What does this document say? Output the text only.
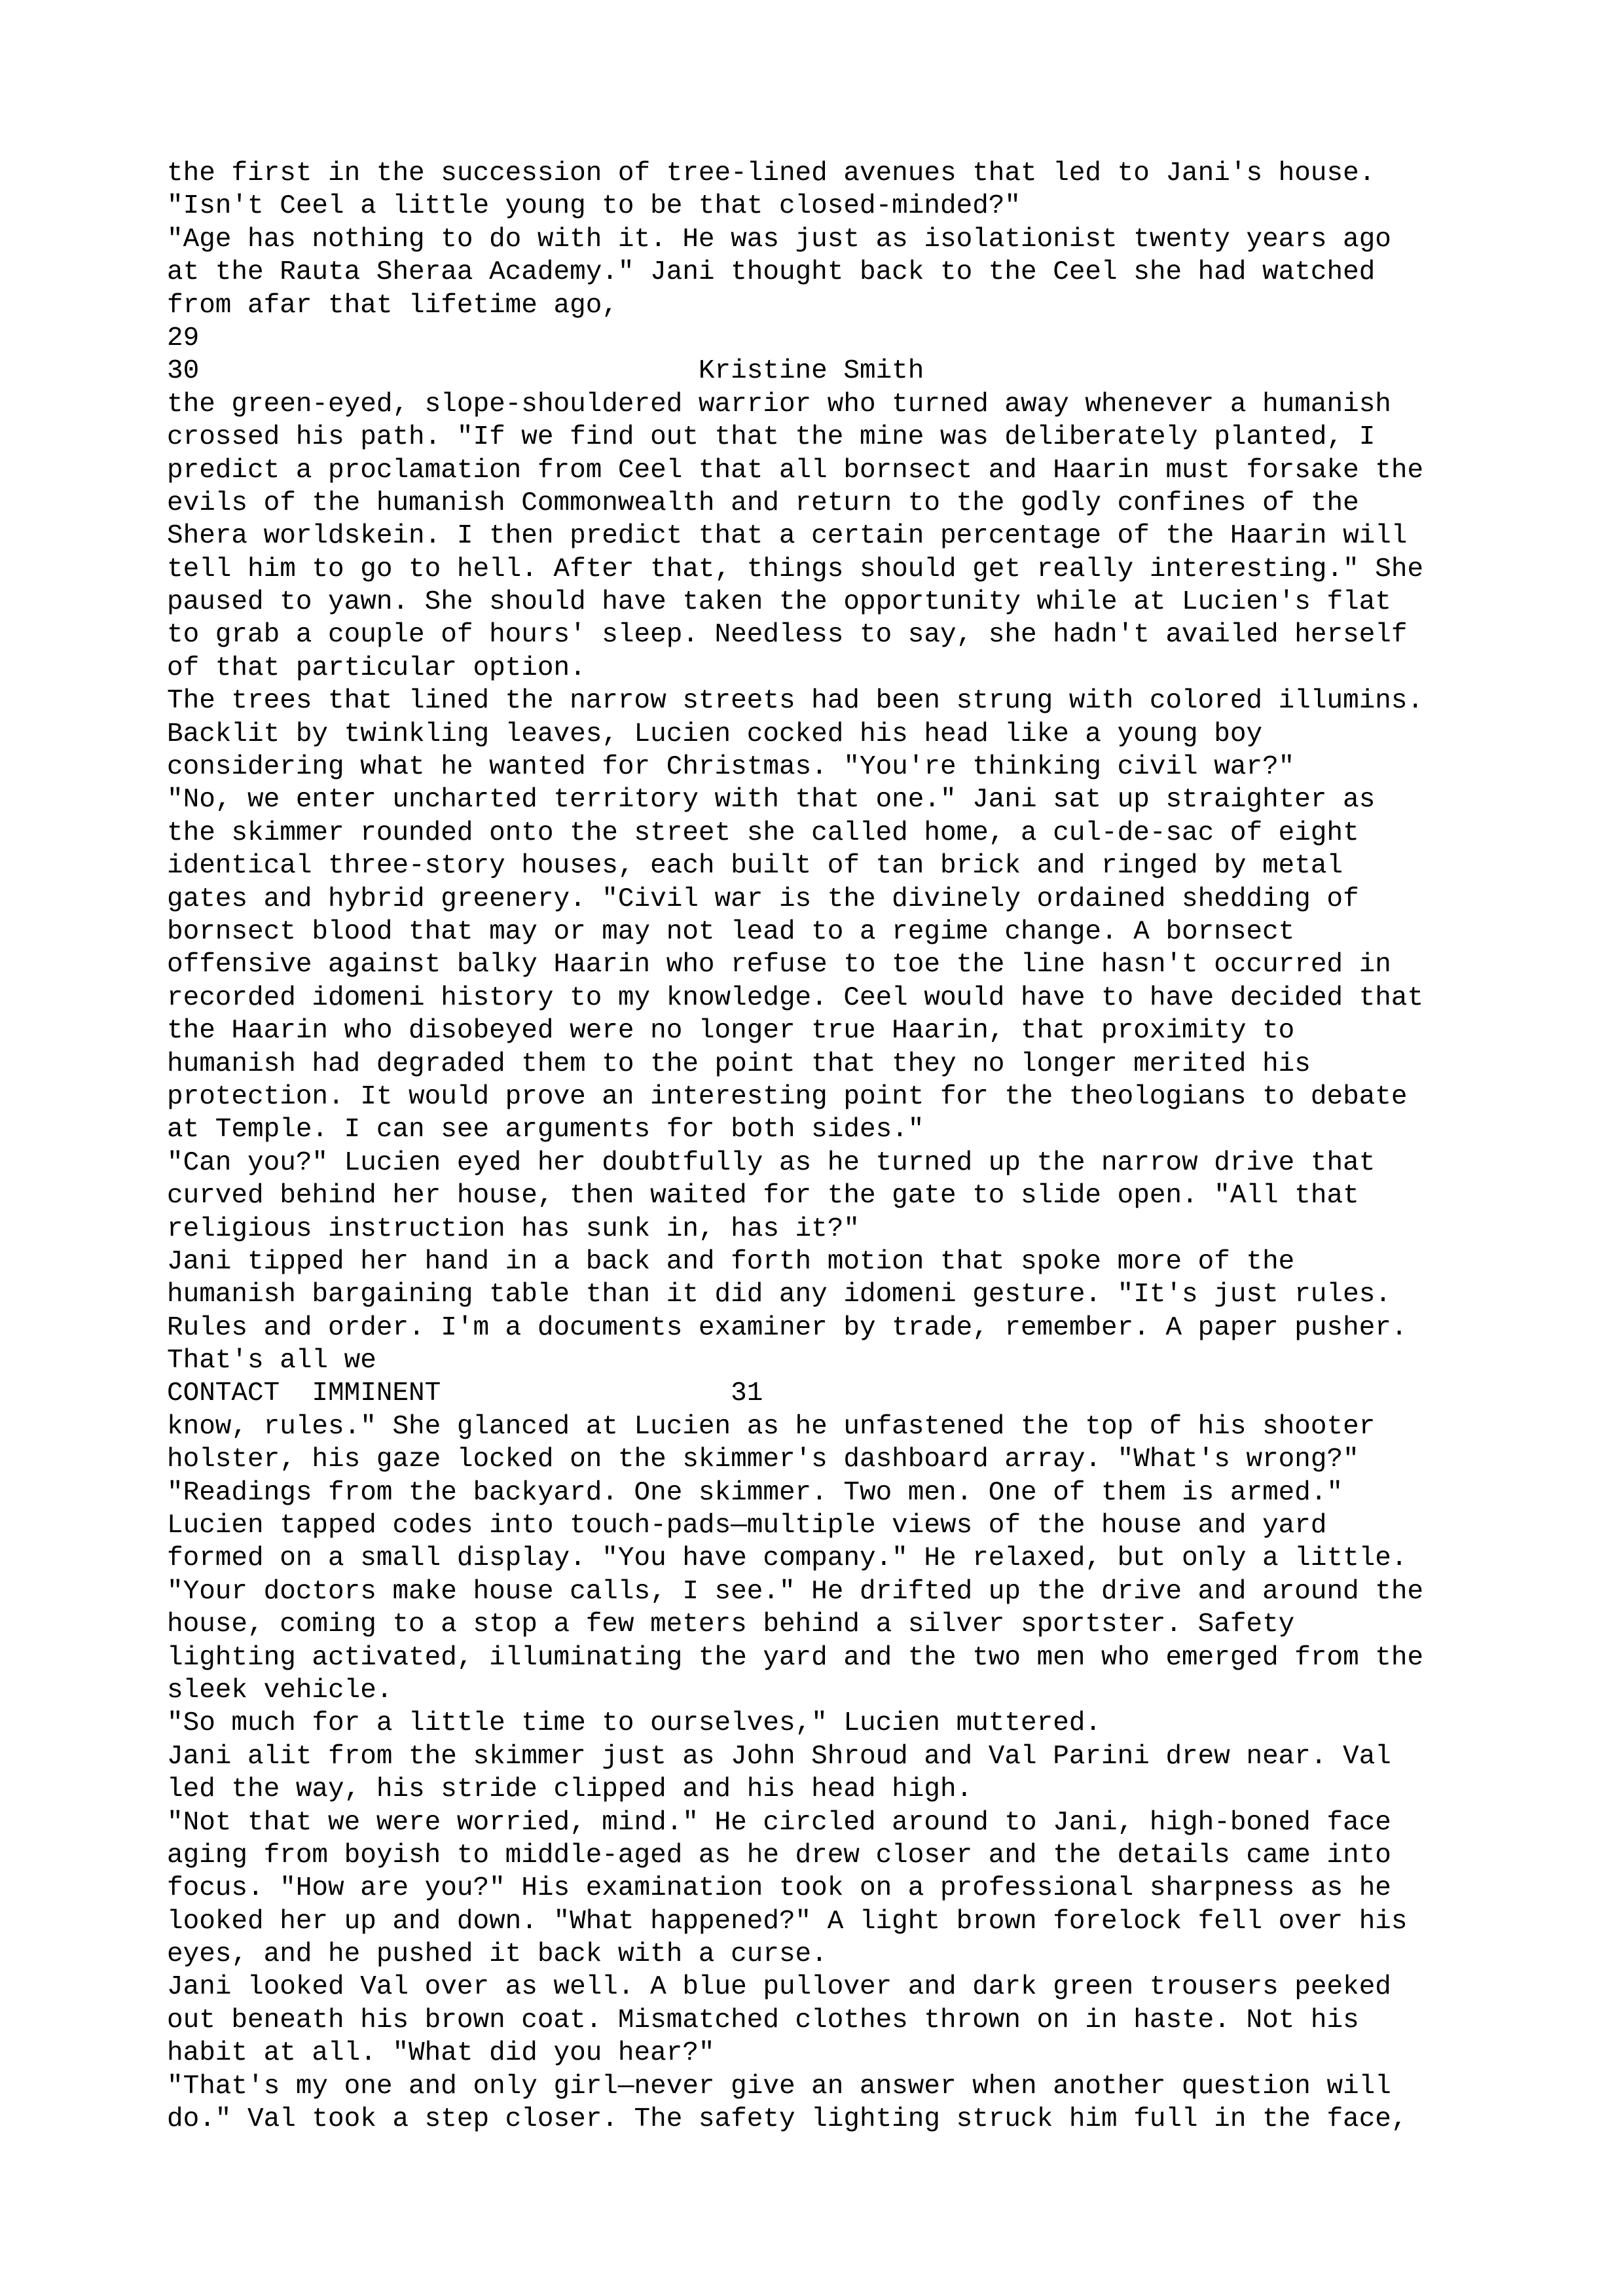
the first in the succession of tree-lined avenues that led to Jani's house.
"Isn't Ceel a little young to be that closed-minded?"
"Age has nothing to do with it. He was just as isolationist twenty years ago
at the Rauta Sheraa Academy." Jani thought back to the Ceel she had watched
from afar that lifetime ago,
29
30                               Kristine Smith
the green-eyed, slope-shouldered warrior who turned away whenever a humanish
crossed his path. "If we find out that the mine was deliberately planted, I
predict a proclamation from Ceel that all bornsect and Haarin must forsake the
evils of the humanish Commonwealth and return to the godly confines of the
Shera worldskein. I then predict that a certain percentage of the Haarin will
tell him to go to hell. After that, things should get really interesting." She
paused to yawn. She should have taken the opportunity while at Lucien's flat
to grab a couple of hours' sleep. Needless to say, she hadn't availed herself
of that particular option.
The trees that lined the narrow streets had been strung with colored illumins.
Backlit by twinkling leaves, Lucien cocked his head like a young boy
considering what he wanted for Christmas. "You're thinking civil war?"
"No, we enter uncharted territory with that one." Jani sat up straighter as
the skimmer rounded onto the street she called home, a cul-de-sac of eight
identical three-story houses, each built of tan brick and ringed by metal
gates and hybrid greenery. "Civil war is the divinely ordained shedding of
bornsect blood that may or may not lead to a regime change. A bornsect
offensive against balky Haarin who refuse to toe the line hasn't occurred in
recorded idomeni history to my knowledge. Ceel would have to have decided that
the Haarin who disobeyed were no longer true Haarin, that proximity to
humanish had degraded them to the point that they no longer merited his
protection. It would prove an interesting point for the theologians to debate
at Temple. I can see arguments for both sides."
"Can you?" Lucien eyed her doubtfully as he turned up the narrow drive that
curved behind her house, then waited for the gate to slide open. "All that
religious instruction has sunk in, has it?"
Jani tipped her hand in a back and forth motion that spoke more of the
humanish bargaining table than it did any idomeni gesture. "It's just rules.
Rules and order. I'm a documents examiner by trade, remember. A paper pusher.
That's all we
CONTACT  IMMINENT                  31
know, rules." She glanced at Lucien as he unfastened the top of his shooter
holster, his gaze locked on the skimmer's dashboard array. "What's wrong?"
"Readings from the backyard. One skimmer. Two men. One of them is armed."
Lucien tapped codes into touch-pads—multiple views of the house and yard
formed on a small display. "You have company." He relaxed, but only a little.
"Your doctors make house calls, I see." He drifted up the drive and around the
house, coming to a stop a few meters behind a silver sportster. Safety
lighting activated, illuminating the yard and the two men who emerged from the
sleek vehicle.
"So much for a little time to ourselves," Lucien muttered.
Jani alit from the skimmer just as John Shroud and Val Parini drew near. Val
led the way, his stride clipped and his head high.
"Not that we were worried, mind." He circled around to Jani, high-boned face
aging from boyish to middle-aged as he drew closer and the details came into
focus. "How are you?" His examination took on a professional sharpness as he
looked her up and down. "What happened?" A light brown forelock fell over his
eyes, and he pushed it back with a curse.
Jani looked Val over as well. A blue pullover and dark green trousers peeked
out beneath his brown coat. Mismatched clothes thrown on in haste. Not his
habit at all. "What did you hear?"
"That's my one and only girl—never give an answer when another question will
do." Val took a step closer. The safety lighting struck him full in the face,
